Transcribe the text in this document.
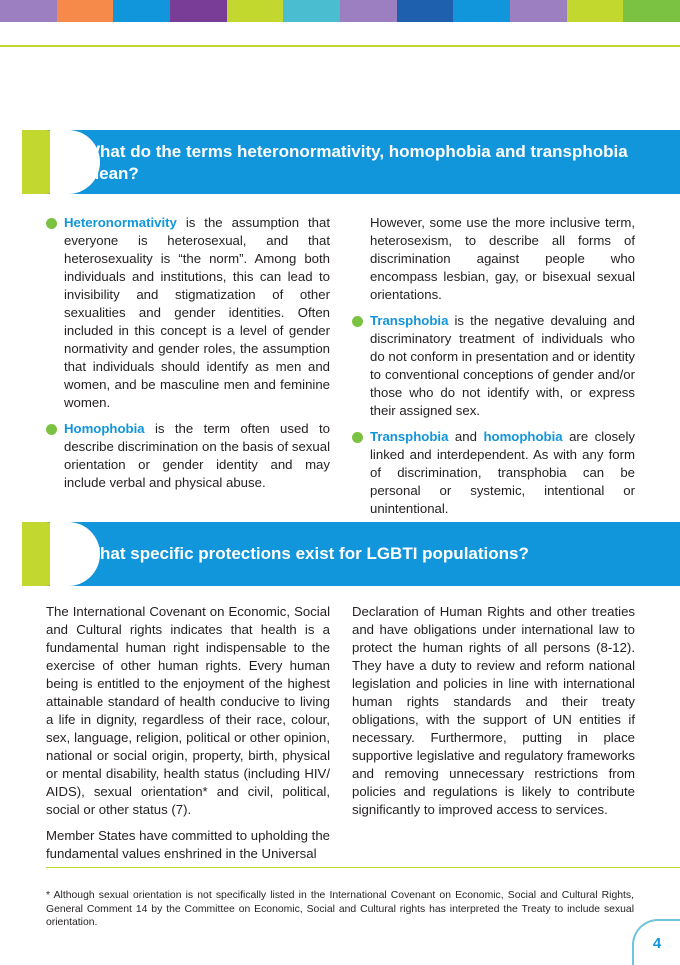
What do the terms heteronormativity, homophobia and transphobia mean?

Heteronormativity is the assumption that everyone is heterosexual, and that heterosexuality is “the norm”. Among both individuals and institutions, this can lead to invisibility and stigmatization of other sexualities and gender identities. Often included in this concept is a level of gender normativity and gender roles, the assumption that individuals should identify as men and women, and be masculine men and feminine women.

Homophobia is the term often used to describe discrimination on the basis of sexual orientation or gender identity and may include verbal and physical abuse.

However, some use the more inclusive term, heterosexism, to describe all forms of discrimination against people who encompass lesbian, gay, or bisexual sexual orientations.

Transphobia is the negative devaluing and discriminatory treatment of individuals who do not conform in presentation and or identity to conventional conceptions of gender and/or those who do not identify with, or express their assigned sex.

Transphobia and homophobia are closely linked and interdependent. As with any form of discrimination, transphobia can be personal or systemic, intentional or unintentional.

What specific protections exist for LGBTI populations?

The International Covenant on Economic, Social and Cultural rights indicates that health is a fundamental human right indispensable to the exercise of other human rights. Every human being is entitled to the enjoyment of the highest attainable standard of health conducive to living a life in dignity, regardless of their race, colour, sex, language, religion, political or other opinion, national or social origin, property, birth, physical or mental disability, health status (including HIV/ AIDS), sexual orientation* and civil, political, social or other status (7).

Member States have committed to upholding the fundamental values enshrined in the Universal

Declaration of Human Rights and other treaties and have obligations under international law to protect the human rights of all persons (8-12). They have a duty to review and reform national legislation and policies in line with international human rights standards and their treaty obligations, with the support of UN entities if necessary. Furthermore, putting in place supportive legislative and regulatory frameworks and removing unnecessary restrictions from policies and regulations is likely to contribute significantly to improved access to services.

* Although sexual orientation is not specifically listed in the International Covenant on Economic, Social and Cultural Rights, General Comment 14 by the Committee on Economic, Social and Cultural rights has interpreted the Treaty to include sexual orientation.

4
